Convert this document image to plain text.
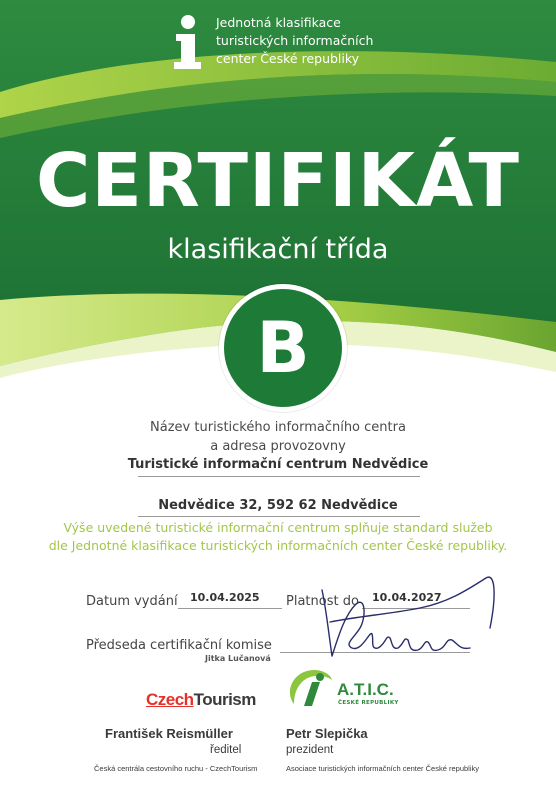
Jednotná klasifikace
turistických informačních
center České republiky
CERTIFIKÁT
klasifikační třída
B
Název turistického informačního centra
a adresa provozovny
Turistické informační centrum Nedvědice
Nedvědice 32, 592 62 Nedvědice
Výše uvedené turistické informační centrum splňuje standard služeb
dle Jednotné klasifikace turistických informačních center České republiky.
Datum vydání 10.04.2025 Platnost do 10.04.2027
Předseda certifikační komise
Jitka Lučanová
CzechTourism
A.T.I.C.
ČESKÉ REPUBLIKY
František Reismüller
ředitel
Česká centrála cestovního ruchu - CzechTourism
Petr Slepička
prezident
Asociace turistických informačních center České republiky
